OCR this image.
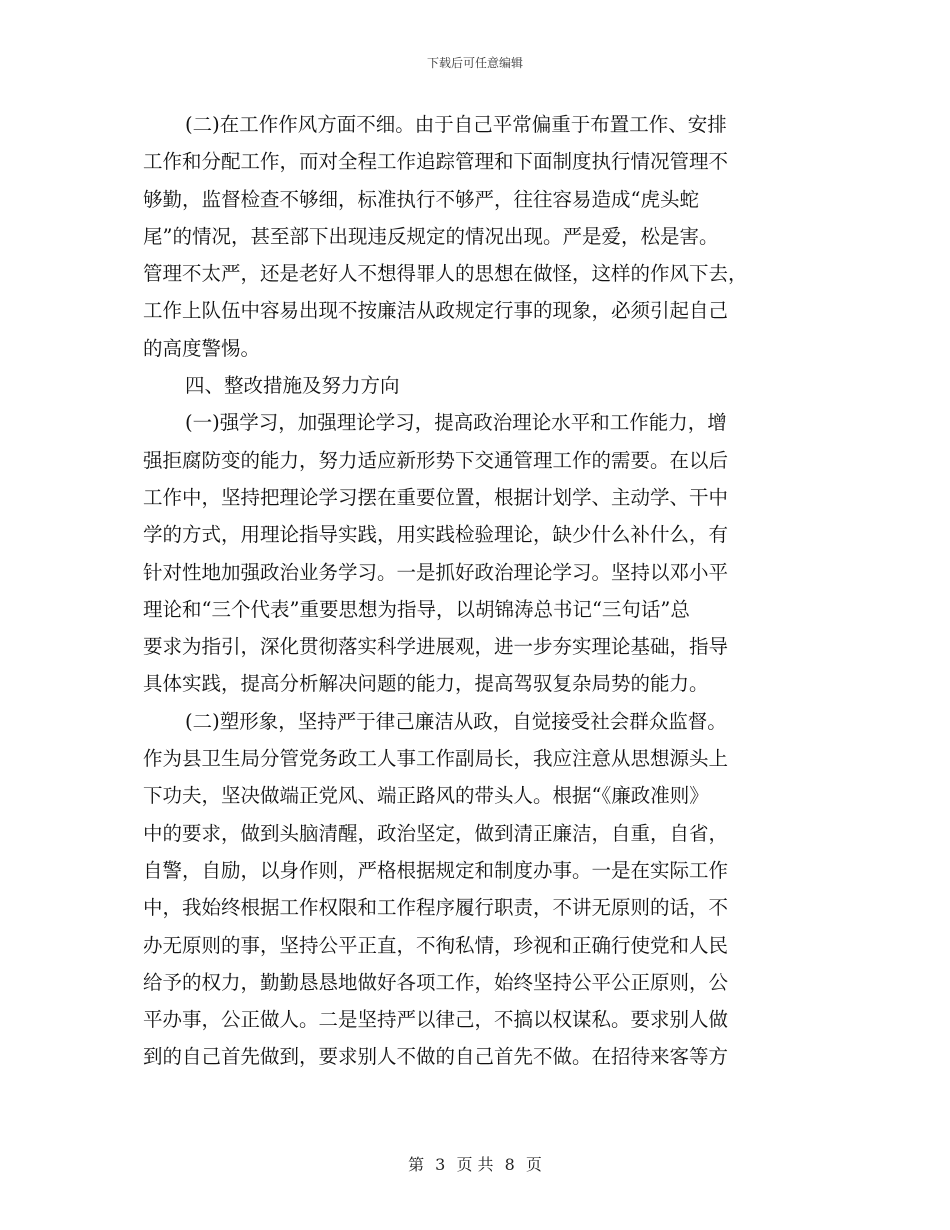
下载后可任意编辑
(二)在工作作风方面不细。由于自己平常偏重于布置工作、安排
工作和分配工作，而对全程工作追踪管理和下面制度执行情况管理不
够勤，监督检查不够细，标准执行不够严，往往容易造成“虎头蛇
尾”的情况，甚至部下出现违反规定的情况出现。严是爱，松是害。
管理不太严，还是老好人不想得罪人的思想在做怪，这样的作风下去，
工作上队伍中容易出现不按廉洁从政规定行事的现象，必须引起自己
的高度警惕。
四、整改措施及努力方向
(一)强学习，加强理论学习，提高政治理论水平和工作能力，增
强拒腐防变的能力，努力适应新形势下交通管理工作的需要。在以后
工作中，坚持把理论学习摆在重要位置，根据计划学、主动学、干中
学的方式，用理论指导实践，用实践检验理论，缺少什么补什么，有
针对性地加强政治业务学习。一是抓好政治理论学习。坚持以邓小平
理论和“三个代表”重要思想为指导，以胡锦涛总书记“三句话”总
要求为指引，深化贯彻落实科学进展观，进一步夯实理论基础，指导
具体实践，提高分析解决问题的能力，提高驾驭复杂局势的能力。
(二)塑形象，坚持严于律己廉洁从政，自觉接受社会群众监督。
作为县卫生局分管党务政工人事工作副局长，我应注意从思想源头上
下功夫，坚决做端正党风、端正路风的带头人。根据“《廉政准则》
中的要求，做到头脑清醒，政治坚定，做到清正廉洁，自重，自省，
自警，自励，以身作则，严格根据规定和制度办事。一是在实际工作
中，我始终根据工作权限和工作程序履行职责，不讲无原则的话，不
办无原则的事，坚持公平正直，不徇私情，珍视和正确行使党和人民
给予的权力，勤勤恳恳地做好各项工作，始终坚持公平公正原则，公
平办事，公正做人。二是坚持严以律己，不搞以权谋私。要求别人做
到的自己首先做到，要求别人不做的自己首先不做。在招待来客等方
第 3 页 共 8 页
